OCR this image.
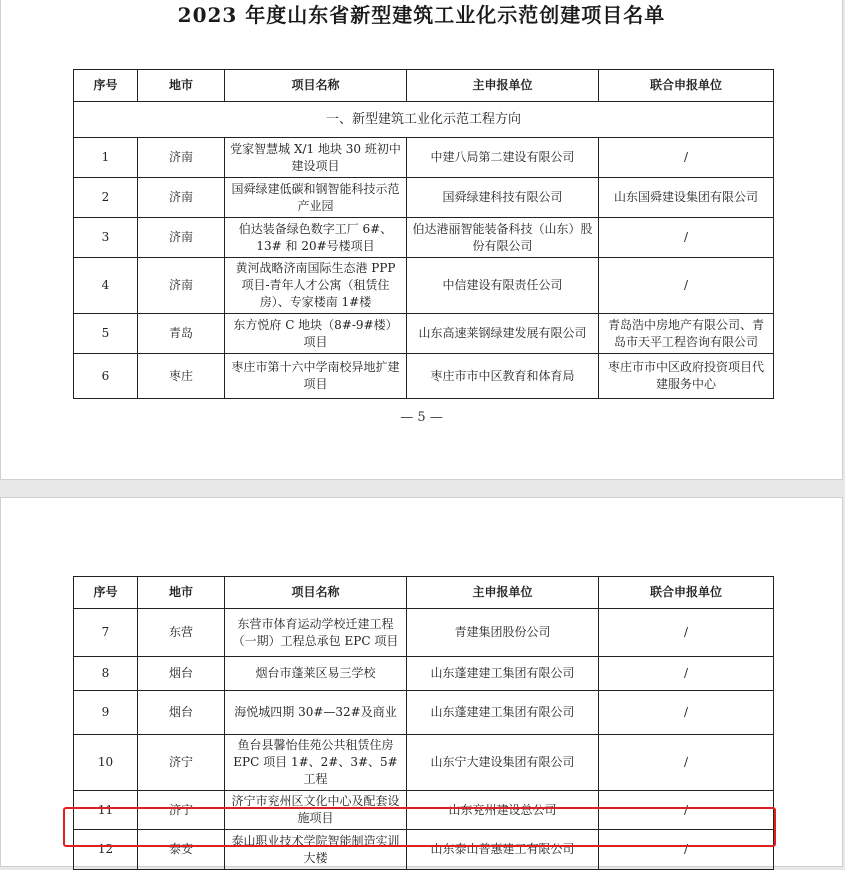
2023 年度山东省新型建筑工业化示范创建项目名单
序号	地市	项目名称	主申报单位	联合申报单位
一、新型建筑工业化示范工程方向				
1	济南	党家智慧城 X/1 地块 30 班初中建设项目	中建八局第二建设有限公司	/
2	济南	国舜绿建低碳和钢智能科技示范产业园	国舜绿建科技有限公司	山东国舜建设集团有限公司
3	济南	伯达装备绿色数字工厂 6#、13# 和 20#号楼项目	伯达港丽智能装备科技（山东）股份有限公司	/
4	济南	黄河战略济南国际生态港 PPP 项目-青年人才公寓（租赁住房）、专家楼南 1#楼	中信建设有限责任公司	/
5	青岛	东方悦府 C 地块（8#-9#楼）项目	山东高速莱钢绿建发展有限公司	青岛浩中房地产有限公司、青岛市天平工程咨询有限公司
6	枣庄	枣庄市第十六中学南校异地扩建项目	枣庄市市中区教育和体育局	枣庄市市中区政府投资项目代建服务中心
— 5 —
序号	地市	项目名称	主申报单位	联合申报单位
7	东营	东营市体育运动学校迁建工程（一期）工程总承包 EPC 项目	青建集团股份公司	/
8	烟台	烟台市蓬莱区易三学校	山东蓬建建工集团有限公司	/
9	烟台	海悦城四期 30#—32#及商业	山东蓬建建工集团有限公司	/
10	济宁	鱼台县馨怡佳苑公共租赁住房 EPC 项目 1#、2#、3#、5#工程	山东宁大建设集团有限公司	/
11	济宁	济宁市兖州区文化中心及配套设施项目	山东兖州建设总公司	/
12	泰安	泰山职业技术学院智能制造实训大楼	山东泰山普惠建工有限公司	/
